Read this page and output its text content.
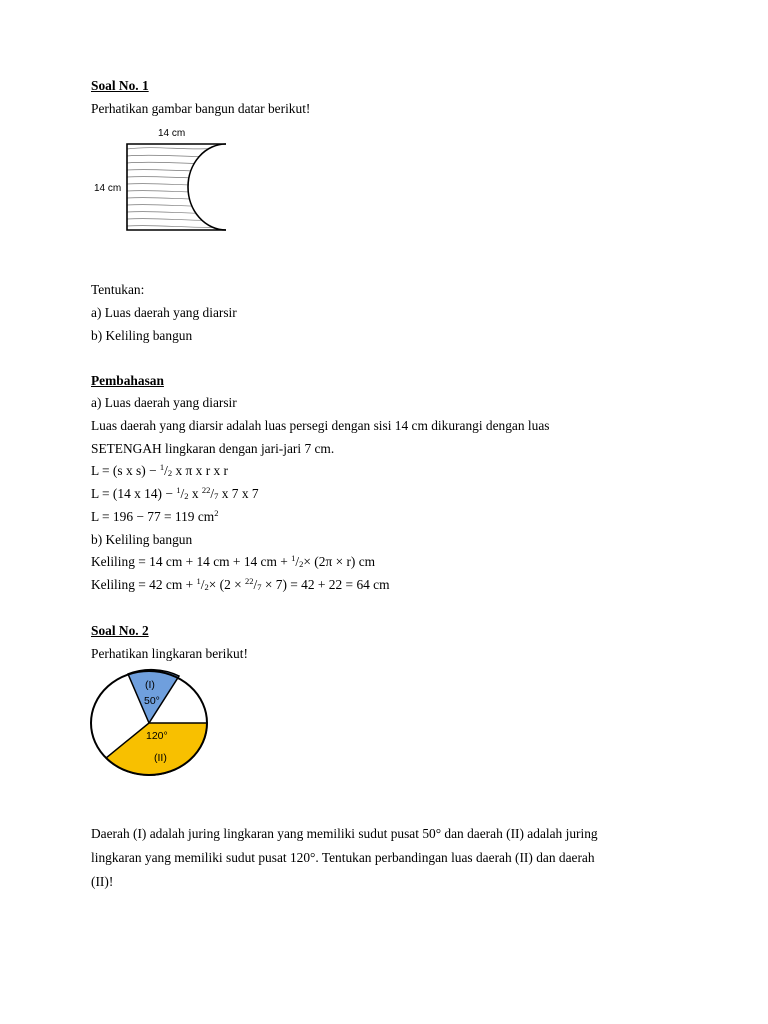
Soal No. 1
Perhatikan gambar bangun datar berikut!
14 cm
14 cm
Tentukan:
a) Luas daerah yang diarsir
b) Keliling bangun
Pembahasan
a) Luas daerah yang diarsir
Luas daerah yang diarsir adalah luas persegi dengan sisi 14 cm dikurangi dengan luas
SETENGAH lingkaran dengan jari-jari 7 cm.
L = (s x $s) - ^1/_2$ x π x r x r
L = (14 x $14) - ^1/_2$ x $^{22}/_7$ x 7 x 7
L = 196 − 77 = 119 $cm^2$
b) Keliling bangun
Keliling = 14 cm + 14 cm + 14 cm + $^1/_2\times (2\pi \times r)$ cm
Keliling = 42 cm + $^1/_2\times (2 \times ^{22}/_7 \times 7) = 42 + 22 = 64$ cm
Soal No. 2
Perhatikan lingkaran berikut!
(I)
50°
120°
(II)
Daerah (I) adalah juring lingkaran yang memiliki sudut pusat 50° dan daerah (II) adalah juring
lingkaran yang memiliki sudut pusat 120°. Tentukan perbandingan luas daerah (II) dan daerah
(II)!
